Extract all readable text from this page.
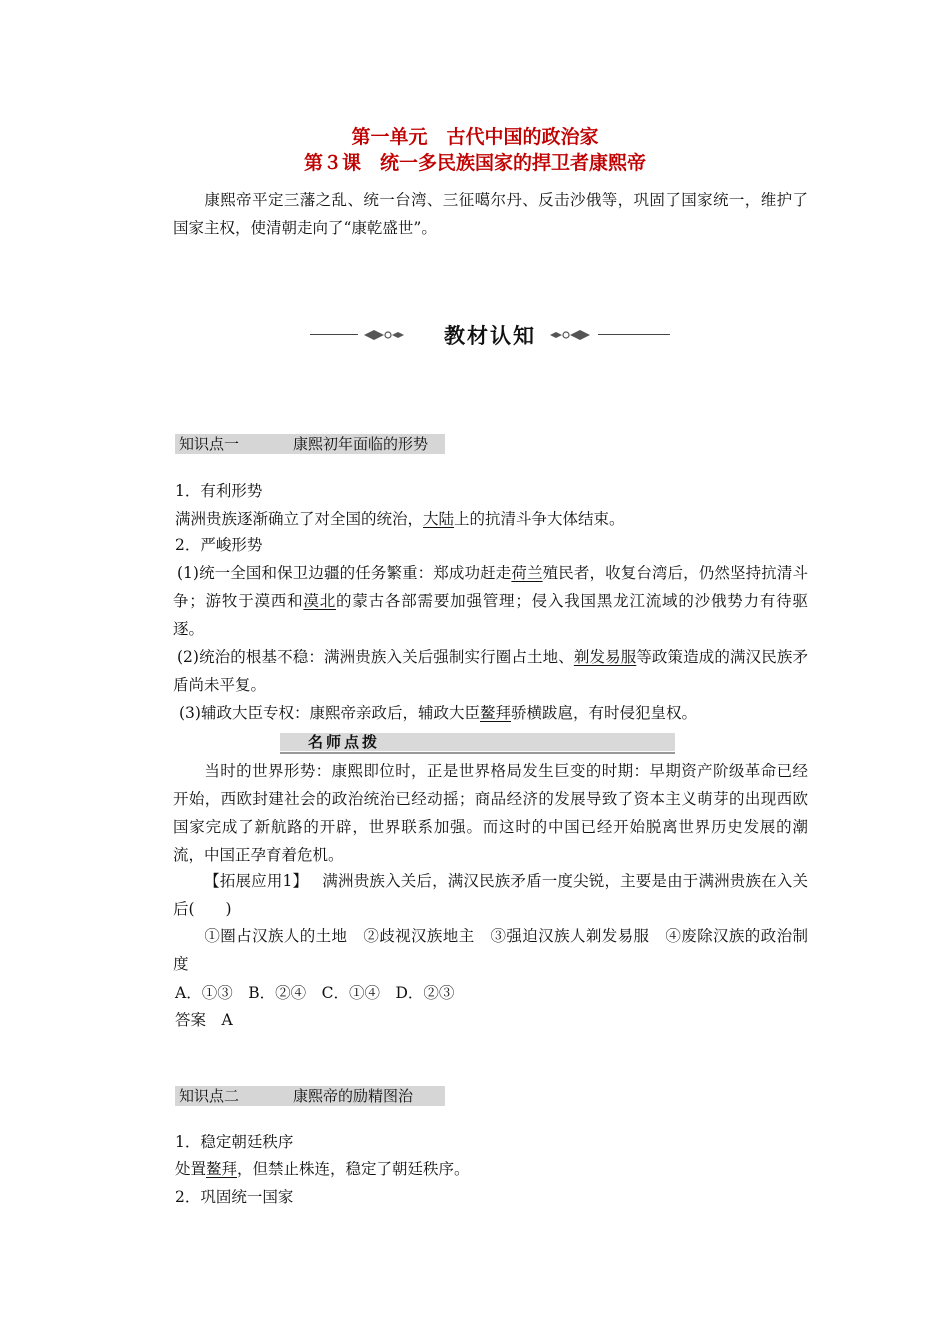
第一单元　古代中国的政治家
第３课　统一多民族国家的捍卫者康熙帝
康熙帝平定三藩之乱、统一台湾、三征噶尔丹、反击沙俄等，巩固了国家统一，维护了国家主权，使清朝走向了“康乾盛世”。
教材认知
知识点一	康熙初年面临的形势
1．有利形势
满洲贵族逐渐确立了对全国的统治，大陆上的抗清斗争大体结束。
2．严峻形势
(1)统一全国和保卫边疆的任务繁重：郑成功赶走荷兰殖民者，收复台湾后，仍然坚持抗清斗争；游牧于漠西和漠北的蒙古各部需要加强管理；侵入我国黑龙江流域的沙俄势力有待驱逐。
(2)统治的根基不稳：满洲贵族入关后强制实行圈占土地、剃发易服等政策造成的满汉民族矛盾尚未平复。
(3)辅政大臣专权：康熙帝亲政后，辅政大臣鳌拜骄横跋扈，有时侵犯皇权。
名师点拨
当时的世界形势：康熙即位时，正是世界格局发生巨变的时期：早期资产阶级革命已经开始，西欧封建社会的政治统治已经动摇；商品经济的发展导致了资本主义萌芽的出现西欧国家完成了新航路的开辟，世界联系加强。而这时的中国已经开始脱离世界历史发展的潮流，中国正孕育着危机。
【拓展应用1】 满洲贵族入关后，满汉民族矛盾一度尖锐，主要是由于满洲贵族在入关后(　　)
①圈占汉族人的土地　②歧视汉族地主　③强迫汉族人剃发易服　④废除汉族的政治制度
A．①③　B．②④　C．①④　D．②③
答案　A
知识点二	康熙帝的励精图治
1．稳定朝廷秩序
处置鳌拜，但禁止株连，稳定了朝廷秩序。
2．巩固统一国家
